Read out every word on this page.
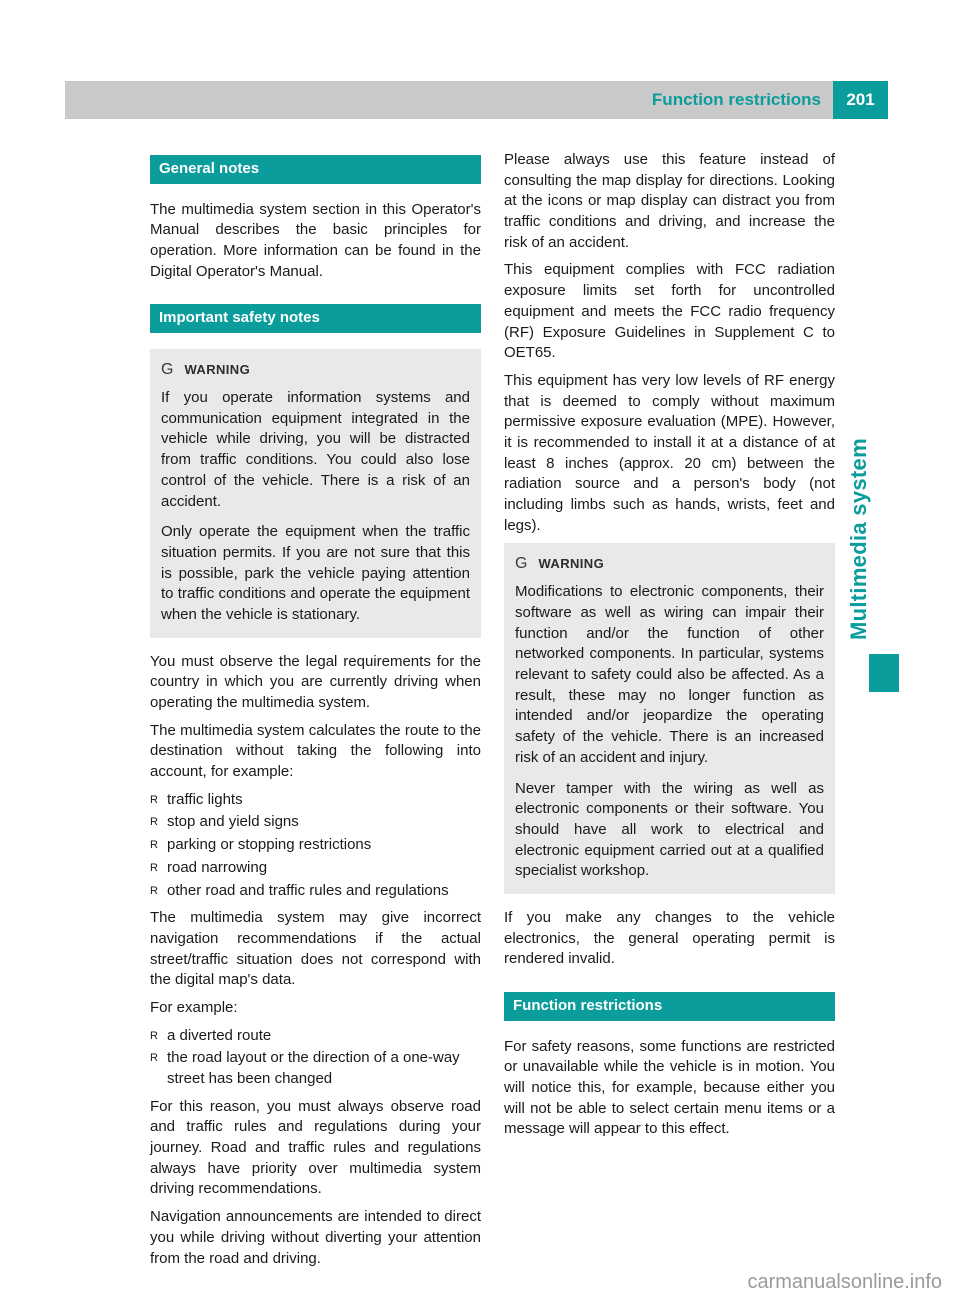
Function restrictions	201
General notes

The multimedia system section in this Operator's Manual describes the basic principles for operation. More information can be found in the Digital Operator's Manual.

Important safety notes
G WARNING

If you operate information systems and communication equipment integrated in the vehicle while driving, you will be distracted from traffic conditions. You could also lose control of the vehicle. There is a risk of an accident.

Only operate the equipment when the traffic situation permits. If you are not sure that this is possible, park the vehicle paying attention to traffic conditions and operate the equipment when the vehicle is stationary.

You must observe the legal requirements for the country in which you are currently driving when operating the multimedia system.

The multimedia system calculates the route to the destination without taking the following into account, for example:

R traffic lights
R stop and yield signs
R parking or stopping restrictions
R road narrowing
R other road and traffic rules and regulations

The multimedia system may give incorrect navigation recommendations if the actual street/traffic situation does not correspond with the digital map's data.

For example:

R a diverted route
R the road layout or the direction of a one-way street has been changed

For this reason, you must always observe road and traffic rules and regulations during your journey. Road and traffic rules and regulations always have priority over multimedia system driving recommendations.

Navigation announcements are intended to direct you while driving without diverting your attention from the road and driving.

Please always use this feature instead of consulting the map display for directions. Looking at the icons or map display can distract you from traffic conditions and driving, and increase the risk of an accident.

This equipment complies with FCC radiation exposure limits set forth for uncontrolled equipment and meets the FCC radio frequency (RF) Exposure Guidelines in Supplement C to OET65.

This equipment has very low levels of RF energy that is deemed to comply without maximum permissive exposure evaluation (MPE). However, it is recommended to install it at a distance of at least 8 inches (approx. 20 cm) between the radiation source and a person's body (not including limbs such as hands, wrists, feet and legs).

G WARNING

Modifications to electronic components, their software as well as wiring can impair their function and/or the function of other networked components. In particular, systems relevant to safety could also be affected. As a result, these may no longer function as intended and/or jeopardize the operating safety of the vehicle. There is an increased risk of an accident and injury.

Never tamper with the wiring as well as electronic components or their software. You should have all work to electrical and electronic equipment carried out at a qualified specialist workshop.

If you make any changes to the vehicle electronics, the general operating permit is rendered invalid.

Function restrictions

For safety reasons, some functions are restricted or unavailable while the vehicle is in motion. You will notice this, for example, because either you will not be able to select certain menu items or a message will appear to this effect.

Multimedia system
carmanualsonline.info
